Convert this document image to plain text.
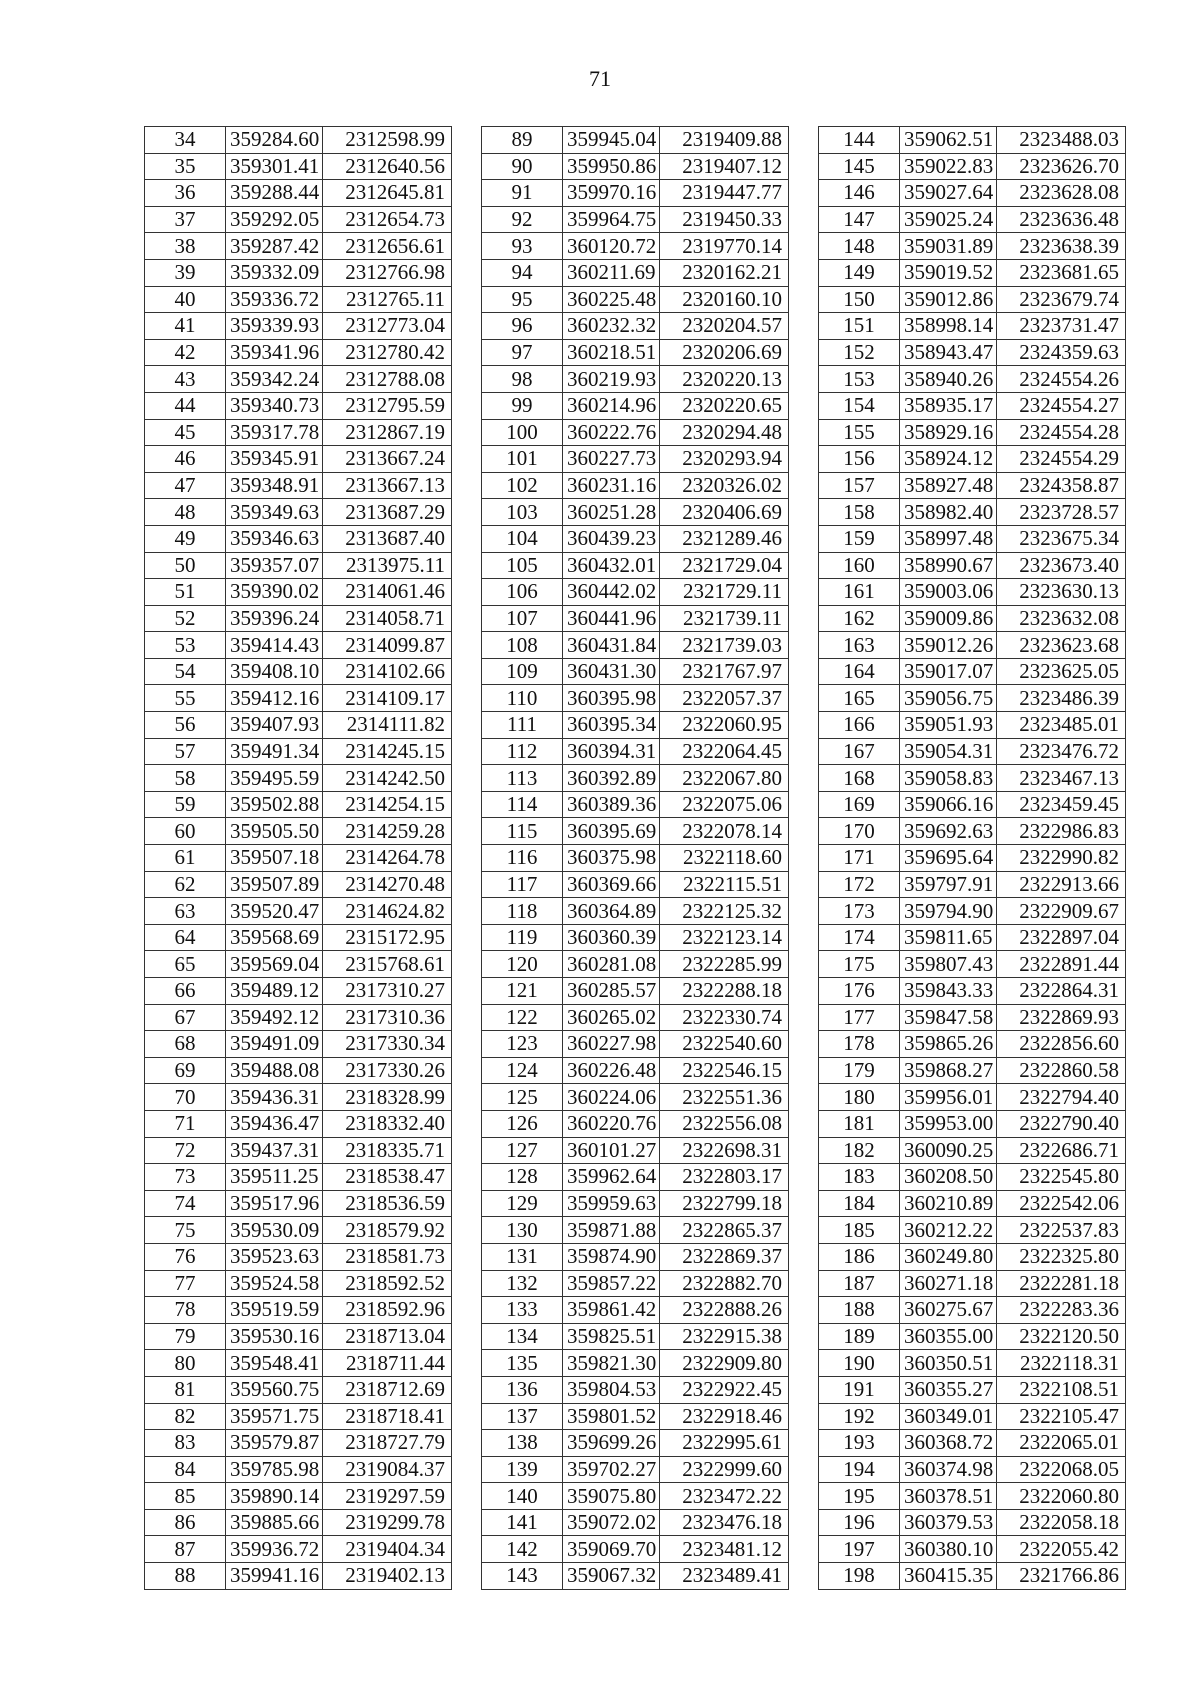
71
34	359284.60	2312598.99
35	359301.41	2312640.56
36	359288.44	2312645.81
37	359292.05	2312654.73
38	359287.42	2312656.61
39	359332.09	2312766.98
40	359336.72	2312765.11
41	359339.93	2312773.04
42	359341.96	2312780.42
43	359342.24	2312788.08
44	359340.73	2312795.59
45	359317.78	2312867.19
46	359345.91	2313667.24
47	359348.91	2313667.13
48	359349.63	2313687.29
49	359346.63	2313687.40
50	359357.07	2313975.11
51	359390.02	2314061.46
52	359396.24	2314058.71
53	359414.43	2314099.87
54	359408.10	2314102.66
55	359412.16	2314109.17
56	359407.93	2314111.82
57	359491.34	2314245.15
58	359495.59	2314242.50
59	359502.88	2314254.15
60	359505.50	2314259.28
61	359507.18	2314264.78
62	359507.89	2314270.48
63	359520.47	2314624.82
64	359568.69	2315172.95
65	359569.04	2315768.61
66	359489.12	2317310.27
67	359492.12	2317310.36
68	359491.09	2317330.34
69	359488.08	2317330.26
70	359436.31	2318328.99
71	359436.47	2318332.40
72	359437.31	2318335.71
73	359511.25	2318538.47
74	359517.96	2318536.59
75	359530.09	2318579.92
76	359523.63	2318581.73
77	359524.58	2318592.52
78	359519.59	2318592.96
79	359530.16	2318713.04
80	359548.41	2318711.44
81	359560.75	2318712.69
82	359571.75	2318718.41
83	359579.87	2318727.79
84	359785.98	2319084.37
85	359890.14	2319297.59
86	359885.66	2319299.78
87	359936.72	2319404.34
88	359941.16	2319402.13
89	359945.04	2319409.88
90	359950.86	2319407.12
91	359970.16	2319447.77
92	359964.75	2319450.33
93	360120.72	2319770.14
94	360211.69	2320162.21
95	360225.48	2320160.10
96	360232.32	2320204.57
97	360218.51	2320206.69
98	360219.93	2320220.13
99	360214.96	2320220.65
100	360222.76	2320294.48
101	360227.73	2320293.94
102	360231.16	2320326.02
103	360251.28	2320406.69
104	360439.23	2321289.46
105	360432.01	2321729.04
106	360442.02	2321729.11
107	360441.96	2321739.11
108	360431.84	2321739.03
109	360431.30	2321767.97
110	360395.98	2322057.37
111	360395.34	2322060.95
112	360394.31	2322064.45
113	360392.89	2322067.80
114	360389.36	2322075.06
115	360395.69	2322078.14
116	360375.98	2322118.60
117	360369.66	2322115.51
118	360364.89	2322125.32
119	360360.39	2322123.14
120	360281.08	2322285.99
121	360285.57	2322288.18
122	360265.02	2322330.74
123	360227.98	2322540.60
124	360226.48	2322546.15
125	360224.06	2322551.36
126	360220.76	2322556.08
127	360101.27	2322698.31
128	359962.64	2322803.17
129	359959.63	2322799.18
130	359871.88	2322865.37
131	359874.90	2322869.37
132	359857.22	2322882.70
133	359861.42	2322888.26
134	359825.51	2322915.38
135	359821.30	2322909.80
136	359804.53	2322922.45
137	359801.52	2322918.46
138	359699.26	2322995.61
139	359702.27	2322999.60
140	359075.80	2323472.22
141	359072.02	2323476.18
142	359069.70	2323481.12
143	359067.32	2323489.41
144	359062.51	2323488.03
145	359022.83	2323626.70
146	359027.64	2323628.08
147	359025.24	2323636.48
148	359031.89	2323638.39
149	359019.52	2323681.65
150	359012.86	2323679.74
151	358998.14	2323731.47
152	358943.47	2324359.63
153	358940.26	2324554.26
154	358935.17	2324554.27
155	358929.16	2324554.28
156	358924.12	2324554.29
157	358927.48	2324358.87
158	358982.40	2323728.57
159	358997.48	2323675.34
160	358990.67	2323673.40
161	359003.06	2323630.13
162	359009.86	2323632.08
163	359012.26	2323623.68
164	359017.07	2323625.05
165	359056.75	2323486.39
166	359051.93	2323485.01
167	359054.31	2323476.72
168	359058.83	2323467.13
169	359066.16	2323459.45
170	359692.63	2322986.83
171	359695.64	2322990.82
172	359797.91	2322913.66
173	359794.90	2322909.67
174	359811.65	2322897.04
175	359807.43	2322891.44
176	359843.33	2322864.31
177	359847.58	2322869.93
178	359865.26	2322856.60
179	359868.27	2322860.58
180	359956.01	2322794.40
181	359953.00	2322790.40
182	360090.25	2322686.71
183	360208.50	2322545.80
184	360210.89	2322542.06
185	360212.22	2322537.83
186	360249.80	2322325.80
187	360271.18	2322281.18
188	360275.67	2322283.36
189	360355.00	2322120.50
190	360350.51	2322118.31
191	360355.27	2322108.51
192	360349.01	2322105.47
193	360368.72	2322065.01
194	360374.98	2322068.05
195	360378.51	2322060.80
196	360379.53	2322058.18
197	360380.10	2322055.42
198	360415.35	2321766.86
